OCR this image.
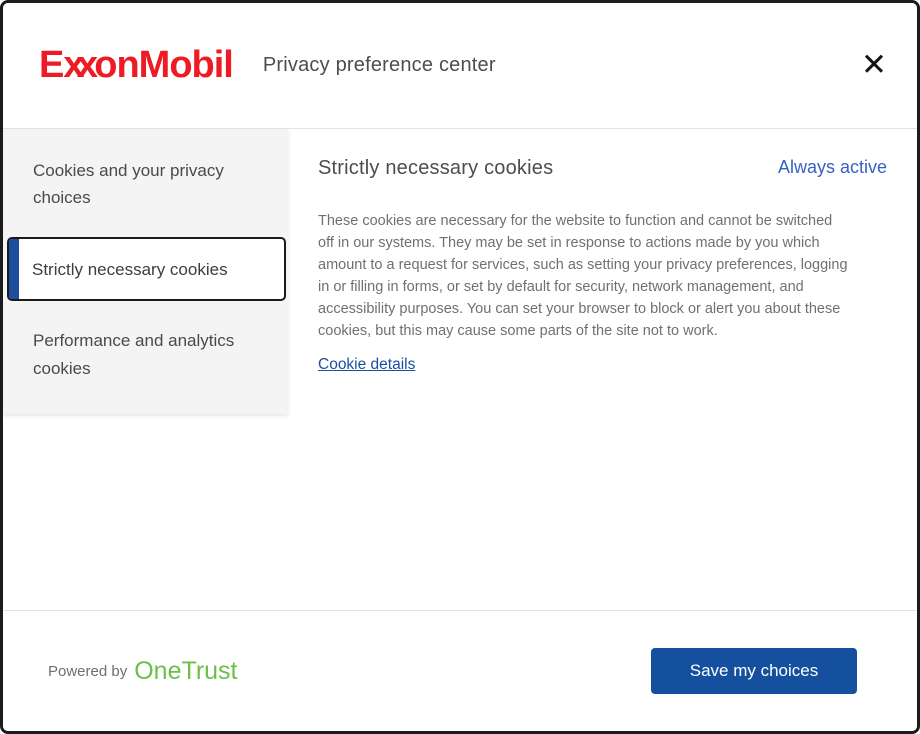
ExxonMobil Privacy preference center	✕
Cookies and your privacy choices
Strictly necessary cookies
Performance and analytics cookies
Strictly necessary cookies	Always active

These cookies are necessary for the website to function and cannot be switched off in our systems. They may be set in response to actions made by you which amount to a request for services, such as setting your privacy preferences, logging in or filling in forms, or set by default for security, network management, and accessibility purposes. You can set your browser to block or alert you about these cookies, but this may cause some parts of the site not to work.

Cookie details
Powered by OneTrust	Save my choices
